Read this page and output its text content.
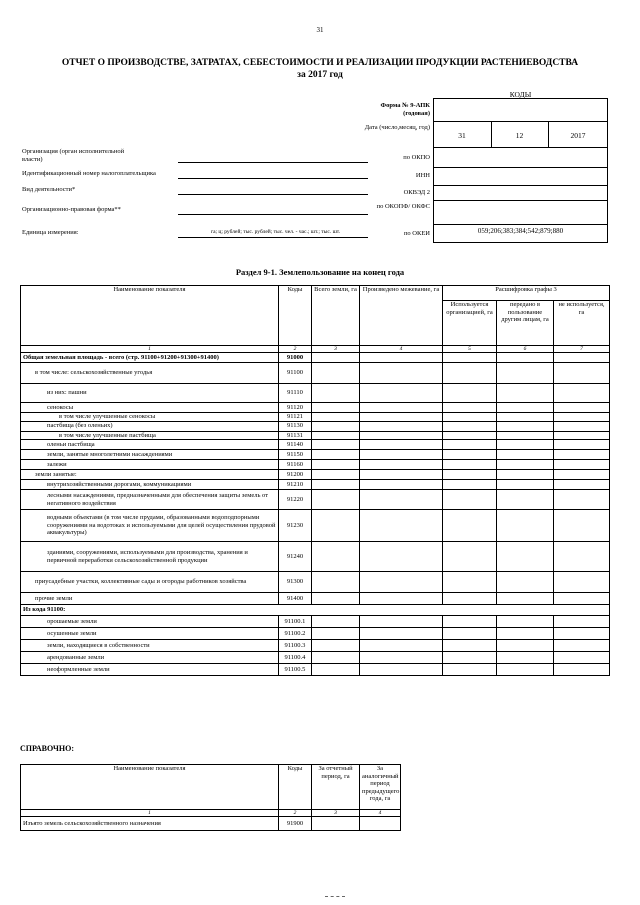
31
ОТЧЕТ О ПРОИЗВОДСТВЕ, ЗАТРАТАХ, СЕБЕСТОИМОСТИ И РЕАЛИЗАЦИИ ПРОДУКЦИИ РАСТЕНИЕВОДСТВА
за 2017 год
КОДЫ
Форма № 9-АПК (годовая)
Дата (число,месяц, год)
31	12	2017
по ОКПО
ИНН
ОКВЭД 2
по ОКОПФ/ ОКФС
по ОКЕИ	059;206;383;384;542;879;880
Организация (орган исполнительной власти)
Идентификационный номер налогоплательщика
Вид деятельности*
Организационно-правовая форма**
Единица измерения:	га; ц; рублей; тыс. рублей; тыс. чел. - час.; шт.; тыс. шт.
Раздел 9-1. Землепользование на конец года
Наименование показателя	Коды	Всего земли, га	Произведено межевание, га	Расшифровка графы 3		
				Используется организацией, га	передано в пользование другим лицам, га	не используется, га
1	2	3	4	5	6	7
Общая земельная площадь - всего (стр. 91100+91200+91300+91400)	91000					
в том числе: сельскохозяйственные угодья	91100					
из них: пашни	91110					
сенокосы	91120					
в том числе улучшенные сенокосы	91121					
пастбища (без оленьих)	91130					
в том числе улучшенные пастбища	91131					
оленьи пастбища	91140					
земли, занятые многолетними насаждениями	91150					
залежи	91160					
земли занятые:	91200					
внутрихозяйственными дорогами, коммуникациями	91210					
лесными насаждениями, предназначенными для обеспечения защиты земель от негативного воздействия	91220					
водными объектами (в том числе прудами, образованными водоподпорными сооружениями на водотоках и используемыми для целей осуществления прудовой аквакультуры)	91230					
зданиями, сооружениями, используемыми для производства, хранения и первичной переработки сельскохозяйственной продукции	91240					
приусадебные участки, коллективные сады и огороды работников хозяйства	91300					
прочие земли	91400					
Из кода 91100:						
орошаемые земли	91100.1					
осушенные земли	91100.2					
земли, находящиеся в собственности	91100.3					
арендованные земли	91100.4					
неоформленные земли	91100.5					
СПРАВОЧНО:
Наименование показателя	Коды	За отчетный период, га	За аналогичный период предыдущего года, га
1	2	3	4
Изъято земель сельскохозяйственного назначения	91900		
